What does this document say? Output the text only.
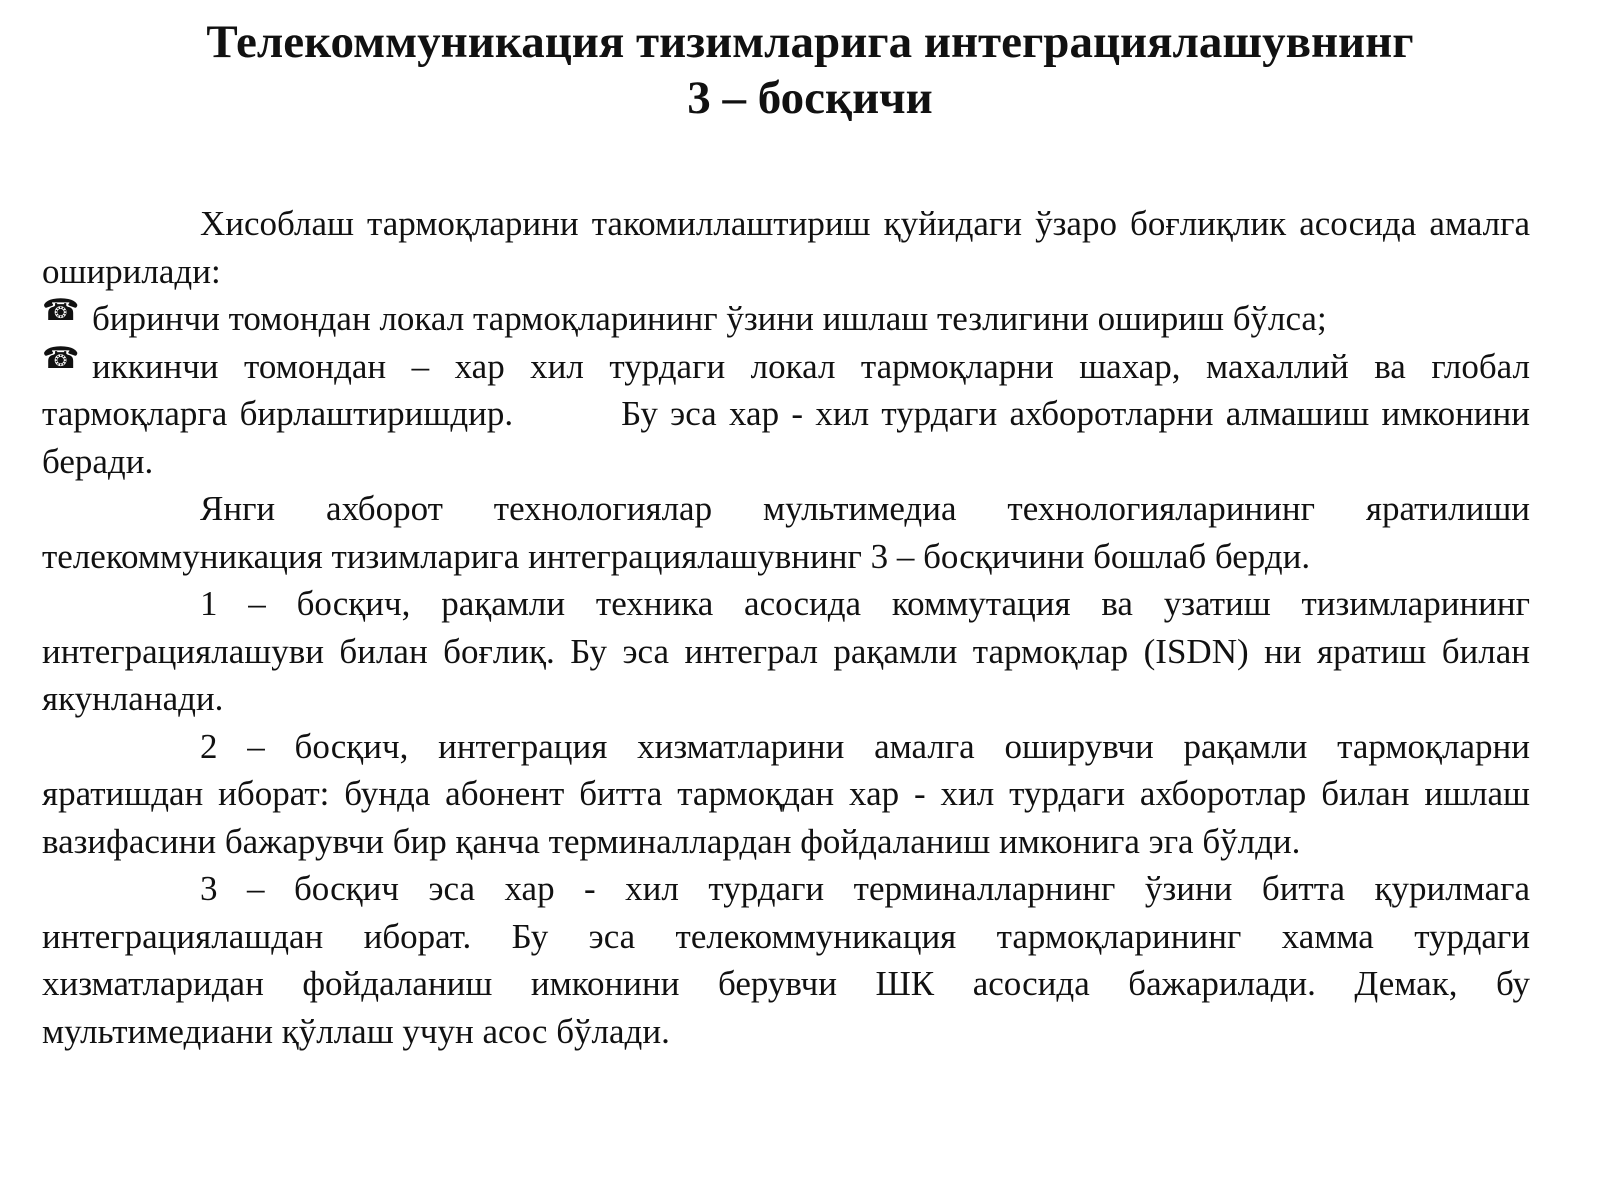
Телекоммуникация тизимларига интеграциялашувнинг
3 – босқичи

Хисоблаш тармоқларини такомиллаштириш қуйидаги ўзаро боғлиқлик асосида амалга оширилади:

☎ биринчи томондан локал тармоқларининг ўзини ишлаш тезлигини ошириш бўлса;

☎ иккинчи томондан – хар хил турдаги локал тармоқларни шахар, махаллий ва глобал тармоқларга бирлаштиришдир.	Бу эса хар - хил турдаги ахборотларни алмашиш имконини беради.

Янги ахборот технологиялар мультимедиа технологияларининг яратилиши телекоммуникация тизимларига интеграциялашувнинг 3 – босқичини бошлаб берди.

1 – босқич, рақамли техника асосида коммутация ва узатиш тизимларининг интеграциялашуви билан боғлиқ. Бу эса интеграл рақамли тармоқлар (ISDN) ни яратиш билан якунланади.

2 – босқич, интеграция хизматларини амалга оширувчи рақамли тармоқларни яратишдан иборат: бунда абонент битта тармоқдан хар - хил турдаги ахборотлар билан ишлаш вазифасини бажарувчи бир қанча терминаллардан фойдаланиш имконига эга бўлди.

3 – босқич эса хар - хил турдаги терминалларнинг ўзини битта қурилмага интеграциялашдан иборат. Бу эса телекоммуникация тармоқларининг хамма турдаги хизматларидан фойдаланиш имконини берувчи ШК асосида бажарилади. Демак, бу мультимедиани қўллаш учун асос бўлади.
